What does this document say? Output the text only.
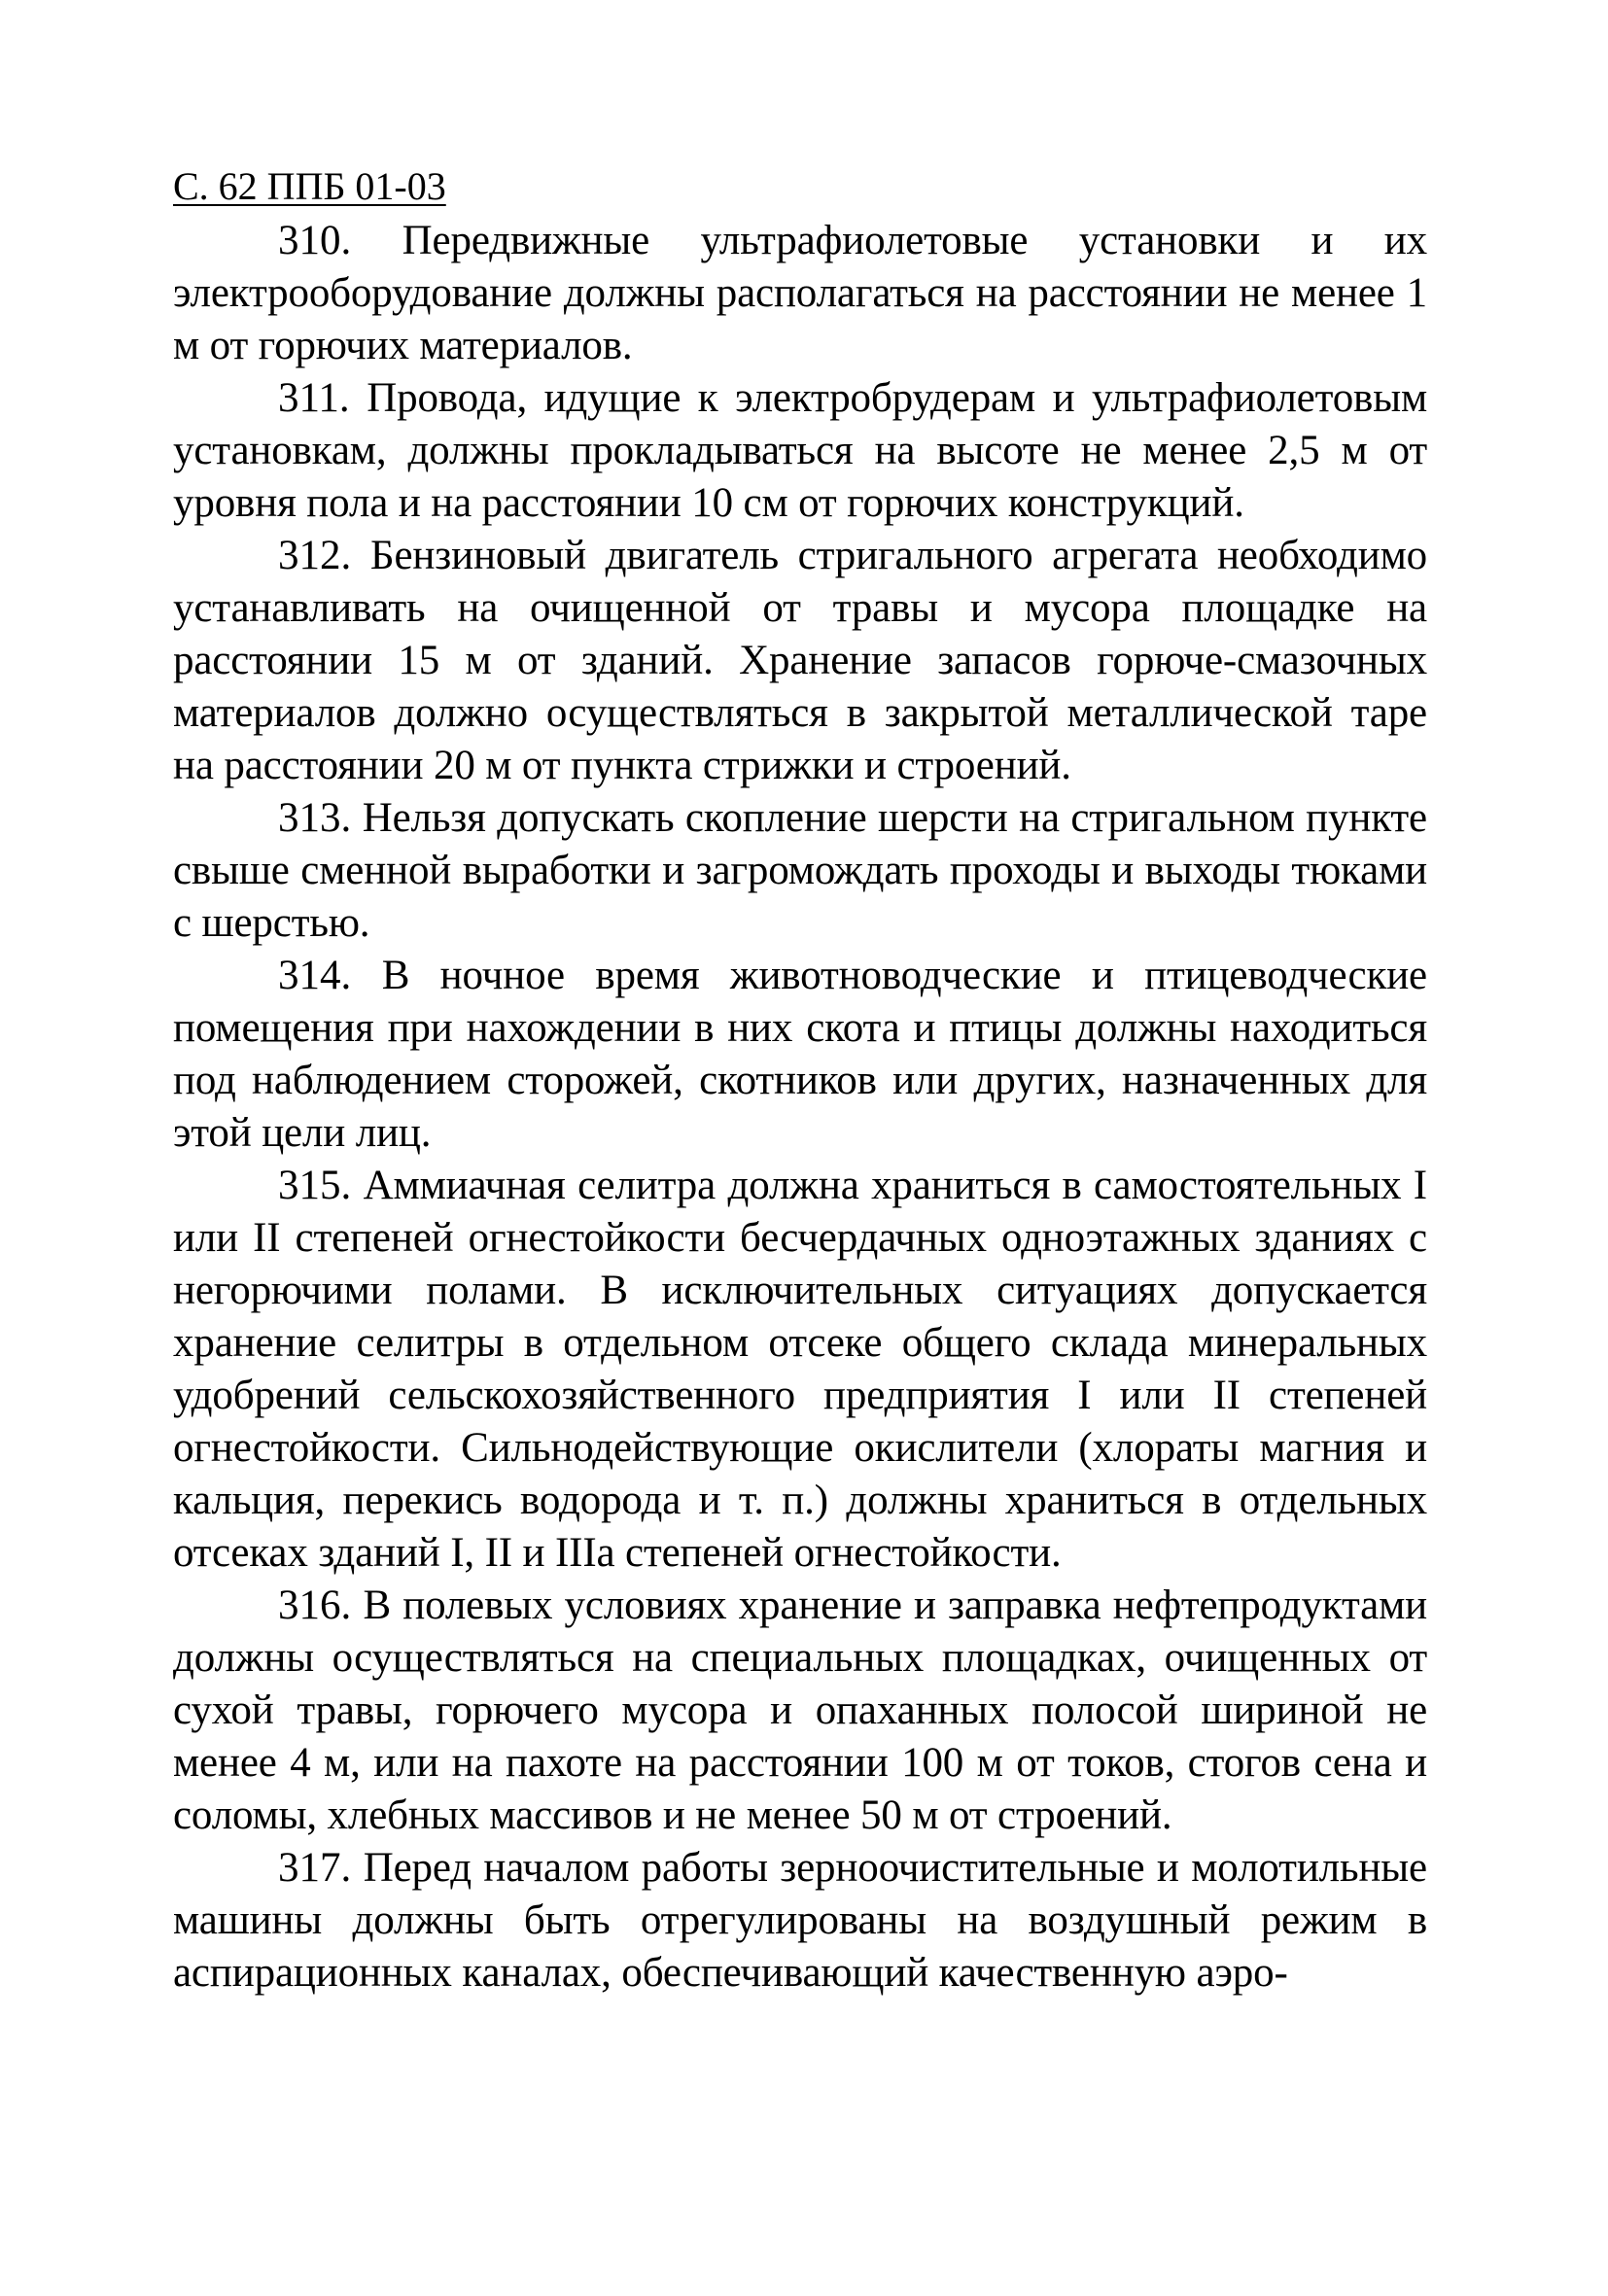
С. 62 ППБ 01-03

310. Передвижные ультрафиолетовые установки и их электрооборудование должны располагаться на расстоянии не менее 1 м от горючих материалов.

311. Провода, идущие к электробрудерам и ультрафиолетовым установкам, должны прокладываться на высоте не менее 2,5 м от уровня пола и на расстоянии 10 см от горючих конструкций.

312. Бензиновый двигатель стригального агрегата необходимо устанавливать на очищенной от травы и мусора площадке на расстоянии 15 м от зданий. Хранение запасов горюче-смазочных материалов должно осуществляться в закрытой металлической таре на расстоянии 20 м от пункта стрижки и строений.

313. Нельзя допускать скопление шерсти на стригальном пункте свыше сменной выработки и загромождать проходы и выходы тюками с шерстью.

314. В ночное время животноводческие и птицеводческие помещения при нахождении в них скота и птицы должны находиться под наблюдением сторожей, скотников или других, назначенных для этой цели лиц.

315. Аммиачная селитра должна храниться в самостоятельных I или II степеней огнестойкости бесчердачных одноэтажных зданиях с негорючими полами. В исключительных ситуациях допускается хранение селитры в отдельном отсеке общего склада минеральных удобрений сельскохозяйственного предприятия I или II степеней огнестойкости. Сильнодействующие окислители (хлораты магния и кальция, перекись водорода и т. п.) должны храниться в отдельных отсеках зданий I, II и IIIа степеней огнестойкости.

316. В полевых условиях хранение и заправка нефтепродуктами должны осуществляться на специальных площадках, очищенных от сухой травы, горючего мусора и опаханных полосой шириной не менее 4 м, или на пахоте на расстоянии 100 м от токов, стогов сена и соломы, хлебных массивов и не менее 50 м от строений.

317. Перед началом работы зерноочистительные и молотильные машины должны быть отрегулированы на воздушный режим в аспирационных каналах, обеспечивающий качественную аэро-
